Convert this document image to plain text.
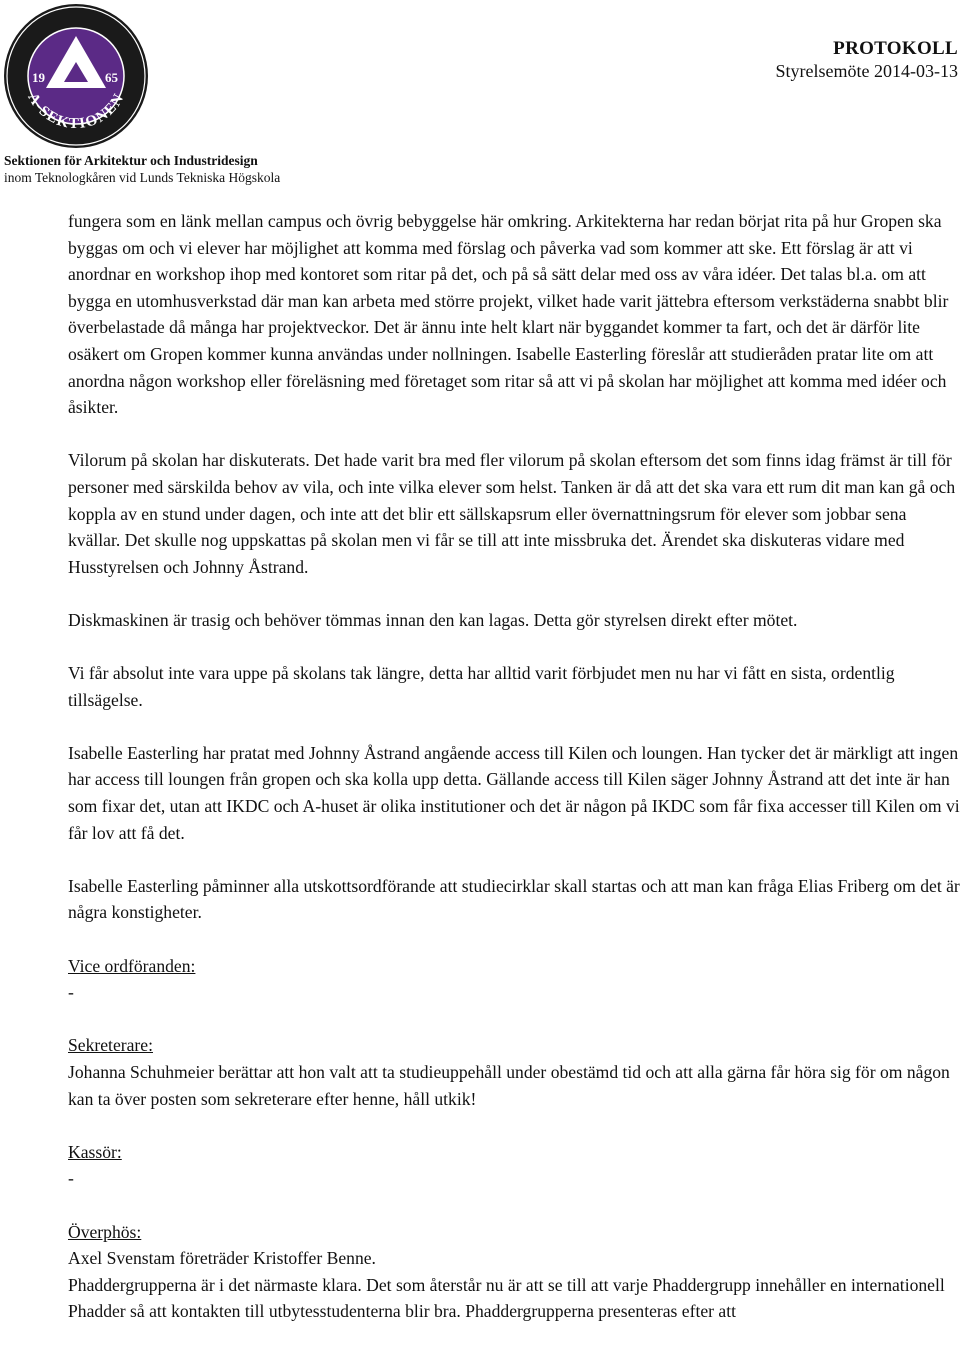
19	65
A-SEKTIONEN
Sektionen för Arkitektur och Industridesign
inom Teknologkåren vid Lunds Tekniska Högskola
PROTOKOLL
Styrelsemöte 2014-03-13

fungera som en länk mellan campus och övrig bebyggelse här omkring. Arkitekterna har redan börjat rita på hur Gropen ska byggas om och vi elever har möjlighet att komma med förslag och påverka vad som kommer att ske. Ett förslag är att vi anordnar en workshop ihop med kontoret som ritar på det, och på så sätt delar med oss av våra idéer. Det talas bl.a. om att bygga en utomhusverkstad där man kan arbeta med större projekt, vilket hade varit jättebra eftersom verkstäderna snabbt blir överbelastade då många har projektveckor. Det är ännu inte helt klart när byggandet kommer ta fart, och det är därför lite osäkert om Gropen kommer kunna användas under nollningen. Isabelle Easterling föreslår att studieråden pratar lite om att anordna någon workshop eller föreläsning med företaget som ritar så att vi på skolan har möjlighet att komma med idéer och åsikter.

Vilorum på skolan har diskuterats. Det hade varit bra med fler vilorum på skolan eftersom det som finns idag främst är till för personer med särskilda behov av vila, och inte vilka elever som helst. Tanken är då att det ska vara ett rum dit man kan gå och koppla av en stund under dagen, och inte att det blir ett sällskapsrum eller övernattningsrum för elever som jobbar sena kvällar. Det skulle nog uppskattas på skolan men vi får se till att inte missbruka det. Ärendet ska diskuteras vidare med Husstyrelsen och Johnny Åstrand.

Diskmaskinen är trasig och behöver tömmas innan den kan lagas. Detta gör styrelsen direkt efter mötet.

Vi får absolut inte vara uppe på skolans tak längre, detta har alltid varit förbjudet men nu har vi fått en sista, ordentlig tillsägelse.

Isabelle Easterling har pratat med Johnny Åstrand angående access till Kilen och loungen. Han tycker det är märkligt att ingen har access till loungen från gropen och ska kolla upp detta. Gällande access till Kilen säger Johnny Åstrand att det inte är han som fixar det, utan att IKDC och A-huset är olika institutioner och det är någon på IKDC som får fixa accesser till Kilen om vi får lov att få det.

Isabelle Easterling påminner alla utskottsordförande att studiecirklar skall startas och att man kan fråga Elias Friberg om det är några konstigheter.

Vice ordföranden:

-

Sekreterare:

Johanna Schuhmeier berättar att hon valt att ta studieuppehåll under obestämd tid och att alla gärna får höra sig för om någon kan ta över posten som sekreterare efter henne, håll utkik!

Kassör:

-

Överphös:

Axel Svenstam företräder Kristoffer Benne.

Phaddergrupperna är i det närmaste klara. Det som återstår nu är att se till att varje Phaddergrupp innehåller en internationell Phadder så att kontakten till utbytesstudenterna blir bra. Phaddergrupperna presenteras efter att
